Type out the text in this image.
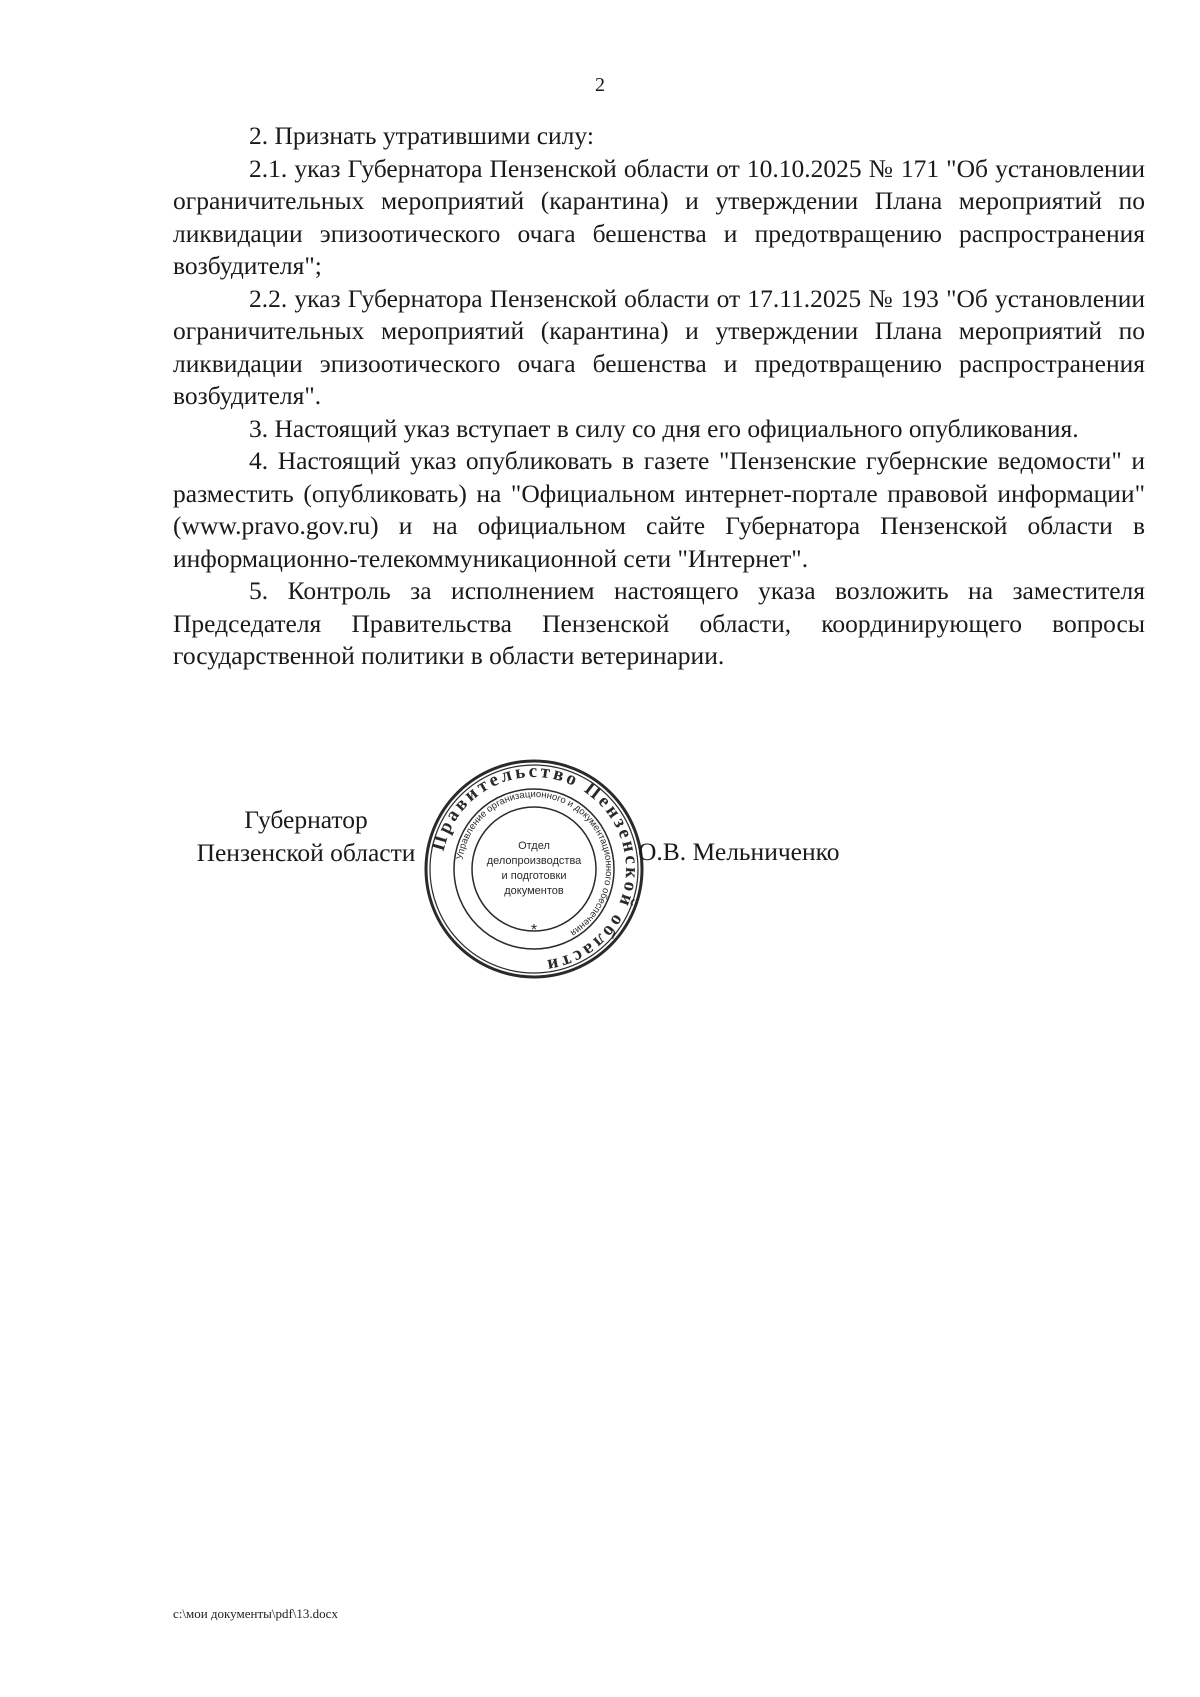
2

2. Признать утратившими силу:

2.1. указ Губернатора Пензенской области от 10.10.2025 № 171 "Об установлении ограничительных мероприятий (карантина) и утверждении Плана мероприятий по ликвидации эпизоотического очага бешенства и предотвращению распространения возбудителя";

2.2. указ Губернатора Пензенской области от 17.11.2025 № 193 "Об установлении ограничительных мероприятий (карантина) и утверждении Плана мероприятий по ликвидации эпизоотического очага бешенства и предотвращению распространения возбудителя".

3. Настоящий указ вступает в силу со дня его официального опубликования.

4. Настоящий указ опубликовать в газете "Пензенские губернские ведомости" и разместить (опубликовать) на "Официальном интернет-портале правовой информации" (www.pravo.gov.ru) и на официальном сайте Губернатора Пензенской области в информационно-телекоммуникационной сети "Интернет".

5. Контроль за исполнением настоящего указа возложить на заместителя Председателя Правительства Пензенской области, координирующего вопросы государственной политики в области ветеринарии.

Губернатор
Пензенской области Правительство Пензенской области
Управление организационного и документационного обеспечения
Отдел
делопроизводства
и подготовки
документов
*
О.В. Мельниченко
c:\мои документы\pdf\13.docx
